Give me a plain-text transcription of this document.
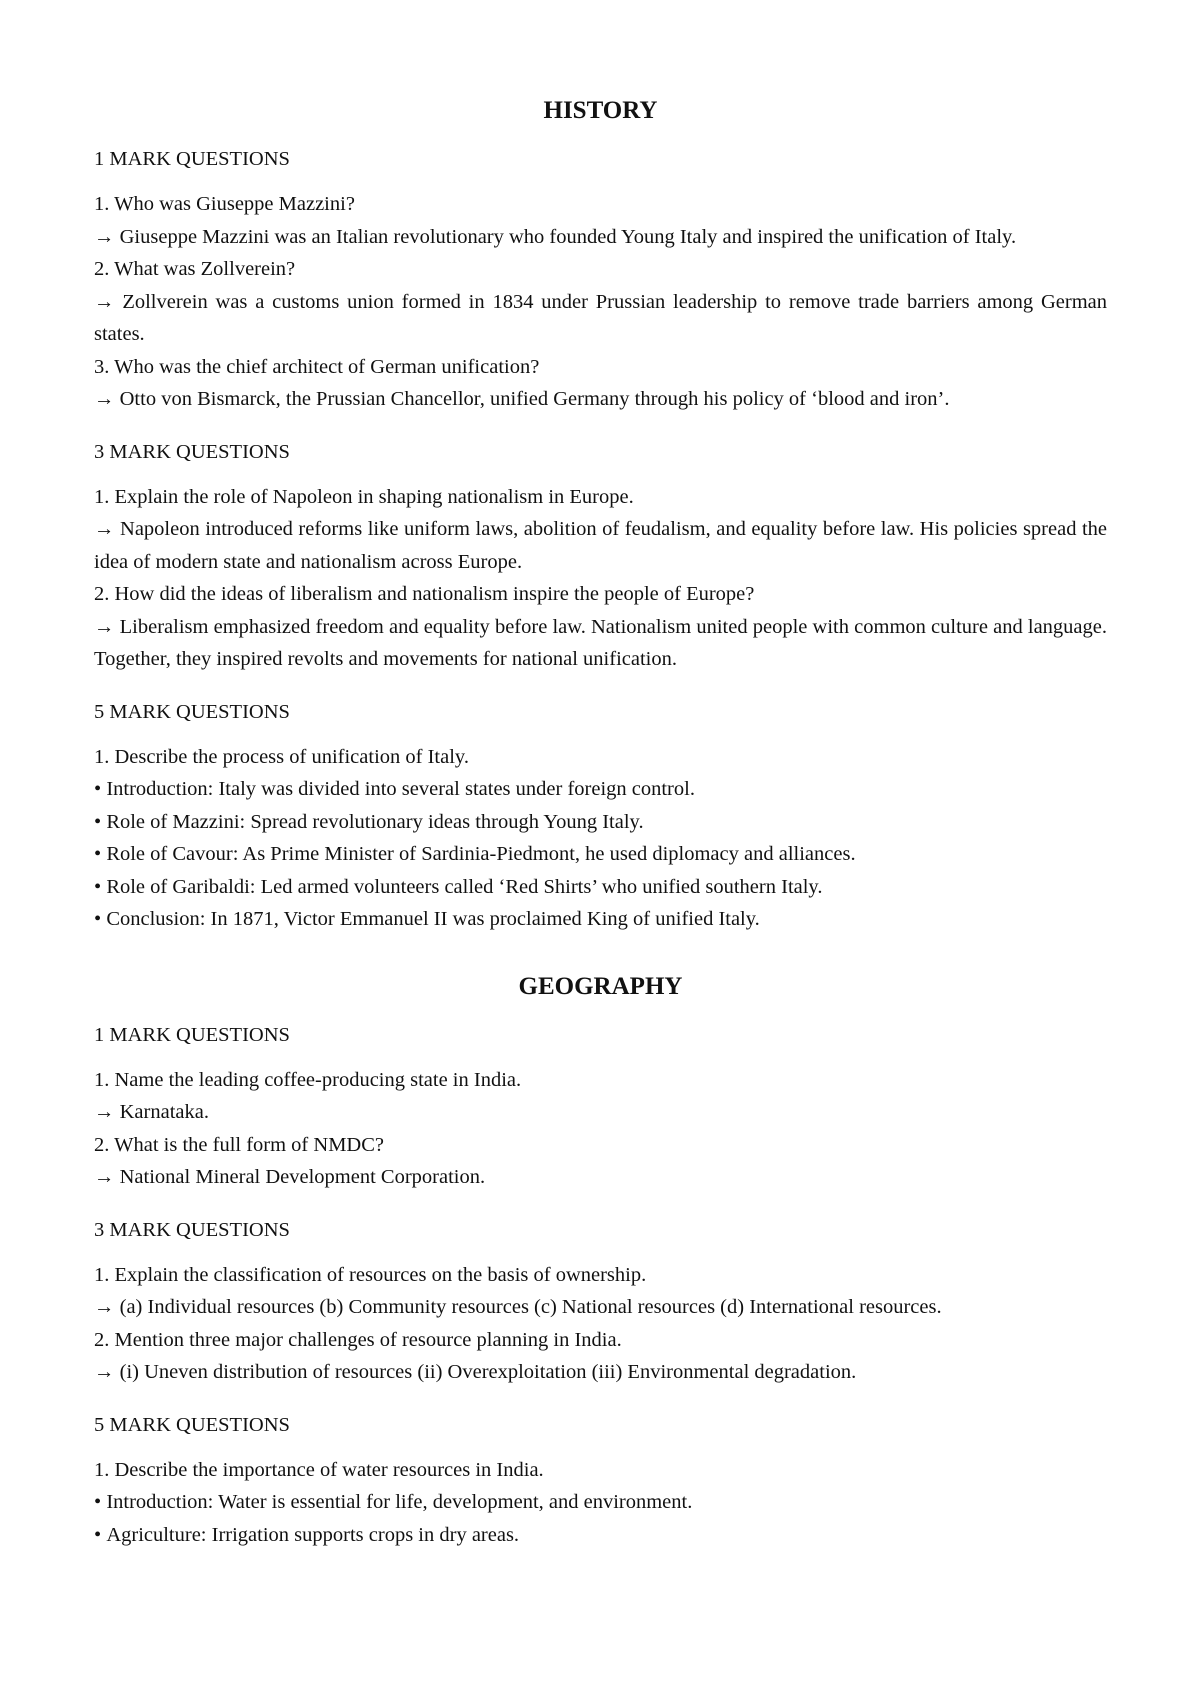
HISTORY

1 MARK QUESTIONS

1. Who was Giuseppe Mazzini?

→ Giuseppe Mazzini was an Italian revolutionary who founded Young Italy and inspired the unification of Italy.

2. What was Zollverein?

→ Zollverein was a customs union formed in 1834 under Prussian leadership to remove trade barriers among German states.

3. Who was the chief architect of German unification?

→ Otto von Bismarck, the Prussian Chancellor, unified Germany through his policy of ‘blood and iron’.

3 MARK QUESTIONS

1. Explain the role of Napoleon in shaping nationalism in Europe.

→ Napoleon introduced reforms like uniform laws, abolition of feudalism, and equality before law. His policies spread the idea of modern state and nationalism across Europe.

2. How did the ideas of liberalism and nationalism inspire the people of Europe?

→ Liberalism emphasized freedom and equality before law. Nationalism united people with common culture and language. Together, they inspired revolts and movements for national unification.

5 MARK QUESTIONS

1. Describe the process of unification of Italy.

• Introduction: Italy was divided into several states under foreign control.

• Role of Mazzini: Spread revolutionary ideas through Young Italy.

• Role of Cavour: As Prime Minister of Sardinia-Piedmont, he used diplomacy and alliances.

• Role of Garibaldi: Led armed volunteers called ‘Red Shirts’ who unified southern Italy.

• Conclusion: In 1871, Victor Emmanuel II was proclaimed King of unified Italy.

GEOGRAPHY

1 MARK QUESTIONS

1. Name the leading coffee-producing state in India.

→ Karnataka.

2. What is the full form of NMDC?

→ National Mineral Development Corporation.

3 MARK QUESTIONS

1. Explain the classification of resources on the basis of ownership.

→ (a) Individual resources (b) Community resources (c) National resources (d) International resources.

2. Mention three major challenges of resource planning in India.

→ (i) Uneven distribution of resources (ii) Overexploitation (iii) Environmental degradation.

5 MARK QUESTIONS

1. Describe the importance of water resources in India.

• Introduction: Water is essential for life, development, and environment.

• Agriculture: Irrigation supports crops in dry areas.
